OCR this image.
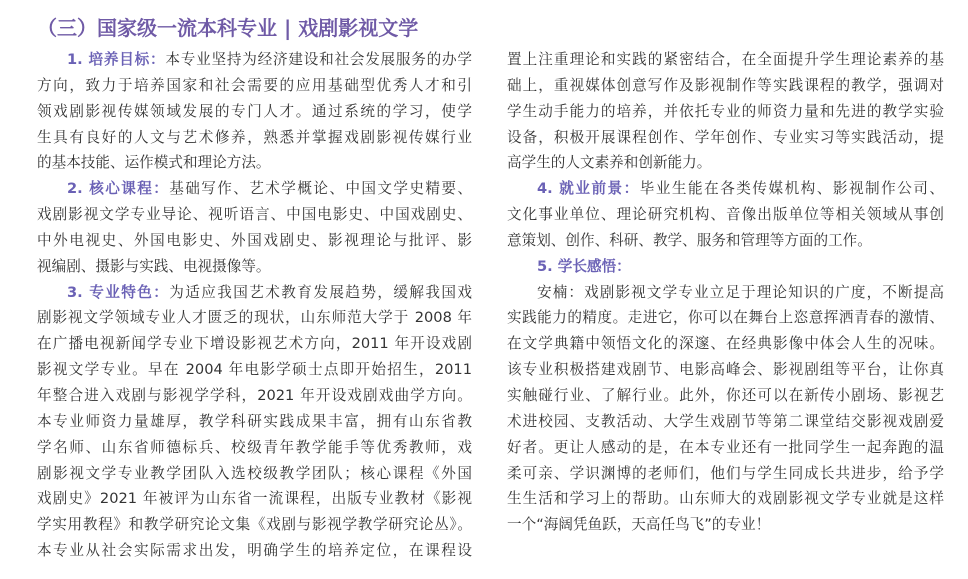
（三）国家级一流本科专业 | 戏剧影视文学
1. 培养目标：本专业坚持为经济建设和社会发展服务的办学
方向，致力于培养国家和社会需要的应用基础型优秀人才和引
领戏剧影视传媒领域发展的专门人才。通过系统的学习，使学
生具有良好的人文与艺术修养，熟悉并掌握戏剧影视传媒行业
的基本技能、运作模式和理论方法。
2. 核心课程：基础写作、艺术学概论、中国文学史精要、
戏剧影视文学专业导论、视听语言、中国电影史、中国戏剧史、
中外电视史、外国电影史、外国戏剧史、影视理论与批评、影
视编剧、摄影与实践、电视摄像等。
3. 专业特色：为适应我国艺术教育发展趋势，缓解我国戏
剧影视文学领域专业人才匮乏的现状，山东师范大学于 2008 年
在广播电视新闻学专业下增设影视艺术方向，2011 年开设戏剧
影视文学专业。早在 2004 年电影学硕士点即开始招生，2011
年整合进入戏剧与影视学学科，2021 年开设戏剧戏曲学方向。
本专业师资力量雄厚，教学科研实践成果丰富，拥有山东省教
学名师、山东省师德标兵、校级青年教学能手等优秀教师，戏
剧影视文学专业教学团队入选校级教学团队；核心课程《外国
戏剧史》2021 年被评为山东省一流课程，出版专业教材《影视
学实用教程》和教学研究论文集《戏剧与影视学教学研究论丛》。
本专业从社会实际需求出发，明确学生的培养定位，在课程设
置上注重理论和实践的紧密结合，在全面提升学生理论素养的基
础上，重视媒体创意写作及影视制作等实践课程的教学，强调对
学生动手能力的培养，并依托专业的师资力量和先进的教学实验
设备，积极开展课程创作、学年创作、专业实习等实践活动，提
高学生的人文素养和创新能力。
4. 就业前景：毕业生能在各类传媒机构、影视制作公司、
文化事业单位、理论研究机构、音像出版单位等相关领域从事创
意策划、创作、科研、教学、服务和管理等方面的工作。
5. 学长感悟：
安楠：戏剧影视文学专业立足于理论知识的广度，不断提高
实践能力的精度。走进它，你可以在舞台上恣意挥洒青春的激情、
在文学典籍中领悟文化的深邃、在经典影像中体会人生的况味。
该专业积极搭建戏剧节、电影高峰会、影视剧组等平台，让你真
实触碰行业、了解行业。此外，你还可以在新传小剧场、影视艺
术进校园、支教活动、大学生戏剧节等第二课堂结交影视戏剧爱
好者。更让人感动的是，在本专业还有一批同学生一起奔跑的温
柔可亲、学识渊博的老师们，他们与学生同成长共进步，给予学
生生活和学习上的帮助。山东师大的戏剧影视文学专业就是这样
一个“海阔凭鱼跃，天高任鸟飞”的专业！
